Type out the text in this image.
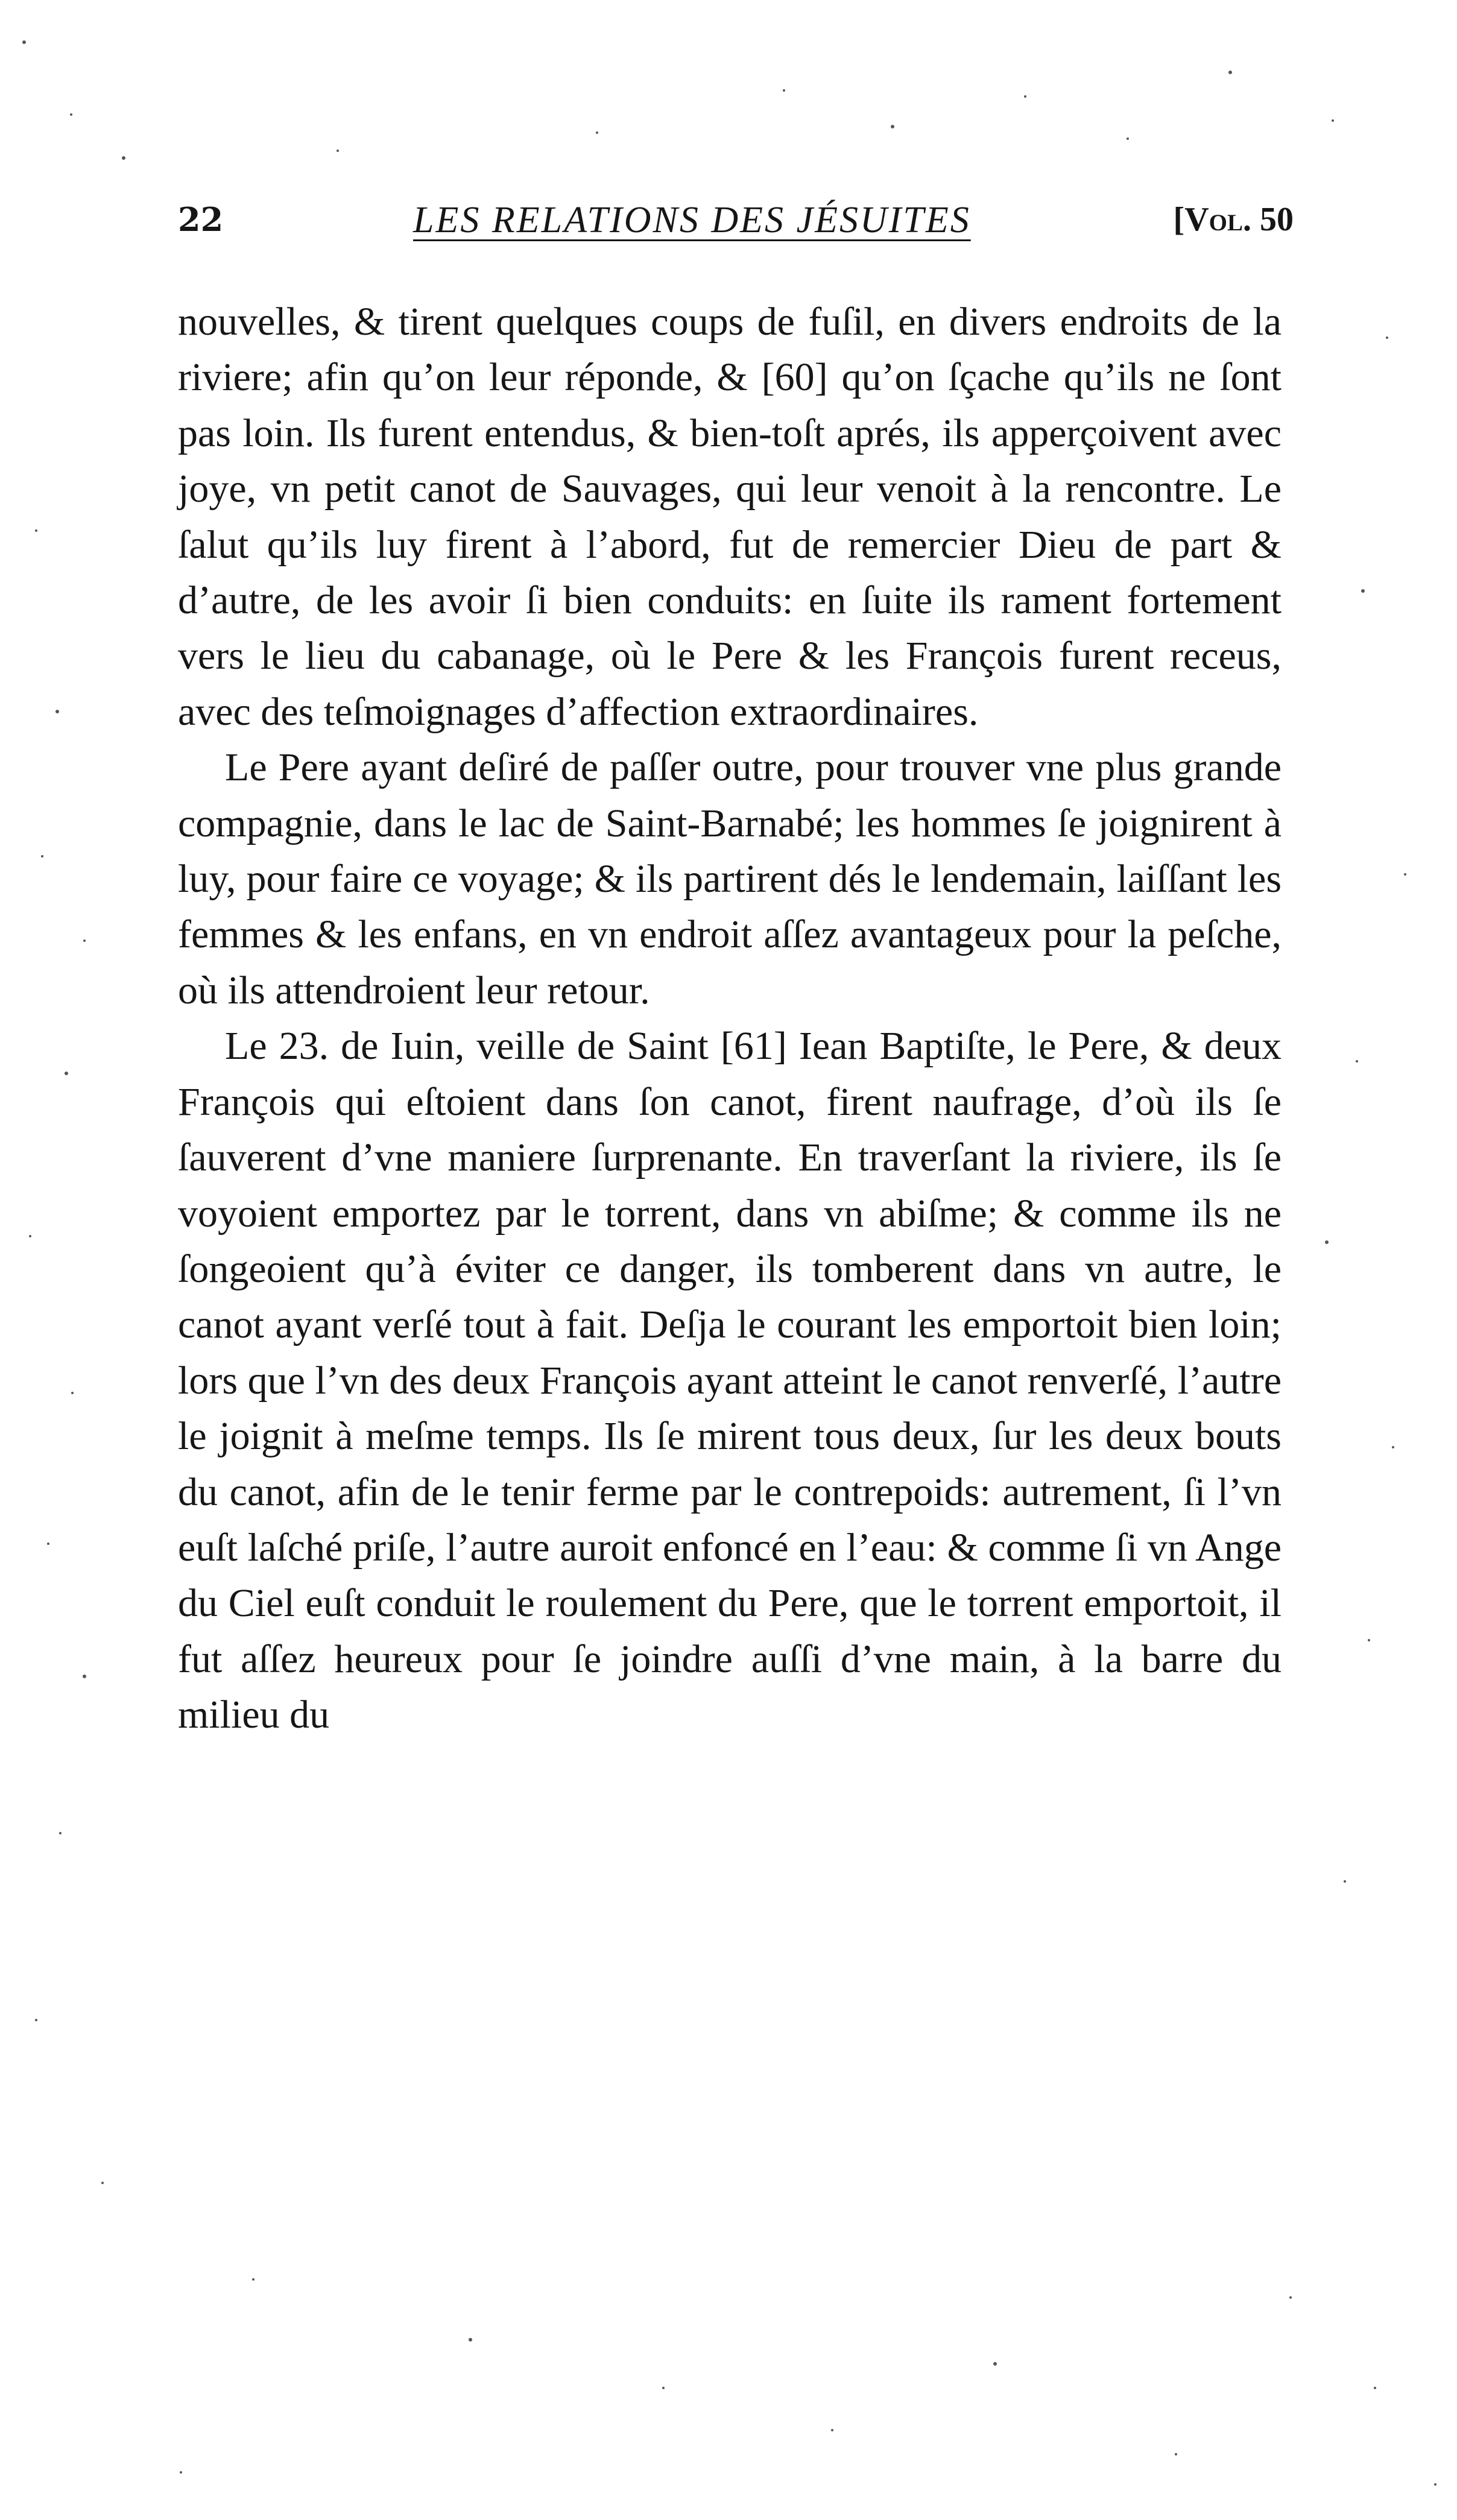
22	LES RELATIONS DES JÉSUITES	[Vol. 50

nouvelles, & tirent quelques coups de fuſil, en divers endroits de la riviere; afin qu’on leur réponde, & [60] qu’on ſçache qu’ils ne ſont pas loin. Ils furent entendus, & bien-toſt aprés, ils apperçoivent avec joye, vn petit canot de Sauvages, qui leur venoit à la rencontre. Le ſalut qu’ils luy firent à l’abord, fut de remercier Dieu de part & d’autre, de les avoir ſi bien conduits: en ſuite ils rament fortement vers le lieu du cabanage, où le Pere & les François furent receus, avec des teſmoignages d’affection extraordinaires.

Le Pere ayant deſiré de paſſer outre, pour trouver vne plus grande compagnie, dans le lac de Saint-Barnabé; les hommes ſe joignirent à luy, pour faire ce voyage; & ils partirent dés le lendemain, laiſſant les femmes & les enfans, en vn endroit aſſez avantageux pour la peſche, où ils attendroient leur retour.

Le 23. de Iuin, veille de Saint [61] Iean Baptiſte, le Pere, & deux François qui eſtoient dans ſon canot, firent naufrage, d’où ils ſe ſauverent d’vne maniere ſurprenante. En traverſant la riviere, ils ſe voyoient emportez par le torrent, dans vn abiſme; & comme ils ne ſongeoient qu’à éviter ce danger, ils tomberent dans vn autre, le canot ayant verſé tout à fait. Deſja le courant les emportoit bien loin; lors que l’vn des deux François ayant atteint le canot renverſé, l’autre le joignit à meſme temps. Ils ſe mirent tous deux, ſur les deux bouts du canot, afin de le tenir ferme par le contrepoids: autrement, ſi l’vn euſt laſché priſe, l’autre auroit enfoncé en l’eau: & comme ſi vn Ange du Ciel euſt conduit le roulement du Pere, que le torrent emportoit, il fut aſſez heureux pour ſe joindre auſſi d’vne main, à la barre du milieu du
